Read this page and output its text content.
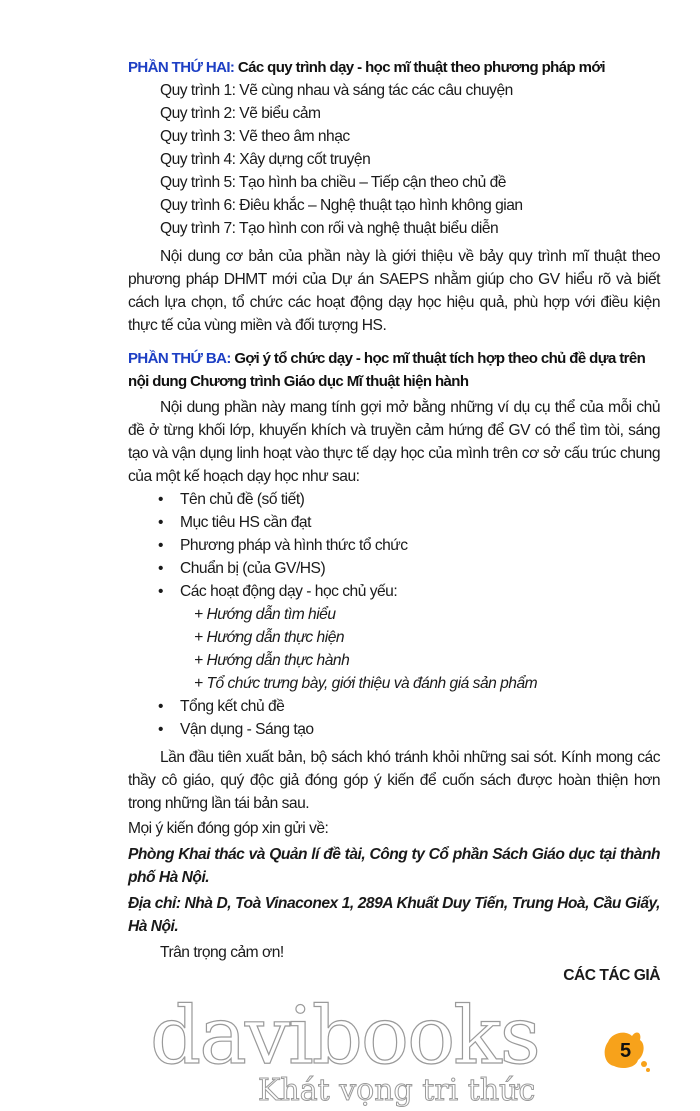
PHẦN THỨ HAI: Các quy trình dạy - học mĩ thuật theo phương pháp mới
Quy trình 1: Vẽ cùng nhau và sáng tác các câu chuyện
Quy trình 2: Vẽ biểu cảm
Quy trình 3: Vẽ theo âm nhạc
Quy trình 4: Xây dựng cốt truyện
Quy trình 5: Tạo hình ba chiều – Tiếp cận theo chủ đề
Quy trình 6: Điêu khắc – Nghệ thuật tạo hình không gian
Quy trình 7: Tạo hình con rối và nghệ thuật biểu diễn
Nội dung cơ bản của phần này là giới thiệu về bảy quy trình mĩ thuật theo phương pháp DHMT mới của Dự án SAEPS nhằm giúp cho GV hiểu rõ và biết cách lựa chọn, tổ chức các hoạt động dạy học hiệu quả, phù hợp với điều kiện thực tế của vùng miền và đối tượng HS.
PHẦN THỨ BA: Gợi ý tổ chức dạy - học mĩ thuật tích hợp theo chủ đề dựa trên nội dung Chương trình Giáo dục Mĩ thuật hiện hành
Nội dung phần này mang tính gợi mở bằng những ví dụ cụ thể của mỗi chủ đề ở từng khối lớp, khuyến khích và truyền cảm hứng để GV có thể tìm tòi, sáng tạo và vận dụng linh hoạt vào thực tế dạy học của mình trên cơ sở cấu trúc chung của một kế hoạch dạy học như sau:
• Tên chủ đề (số tiết)
• Mục tiêu HS cần đạt
• Phương pháp và hình thức tổ chức
• Chuẩn bị (của GV/HS)
• Các hoạt động dạy - học chủ yếu:
+ Hướng dẫn tìm hiểu
+ Hướng dẫn thực hiện
+ Hướng dẫn thực hành
+ Tổ chức trưng bày, giới thiệu và đánh giá sản phẩm
• Tổng kết chủ đề
• Vận dụng - Sáng tạo
Lần đầu tiên xuất bản, bộ sách khó tránh khỏi những sai sót. Kính mong các thầy cô giáo, quý độc giả đóng góp ý kiến để cuốn sách được hoàn thiện hơn trong những lần tái bản sau.
Mọi ý kiến đóng góp xin gửi về:
Phòng Khai thác và Quản lí đề tài, Công ty Cổ phần Sách Giáo dục tại thành phố Hà Nội.
Địa chỉ: Nhà D, Toà Vinaconex 1, 289A Khuất Duy Tiến, Trung Hoà, Cầu Giấy, Hà Nội.
Trân trọng cảm ơn!
CÁC TÁC GIẢ
davibooks
Khát vọng tri thức
5
